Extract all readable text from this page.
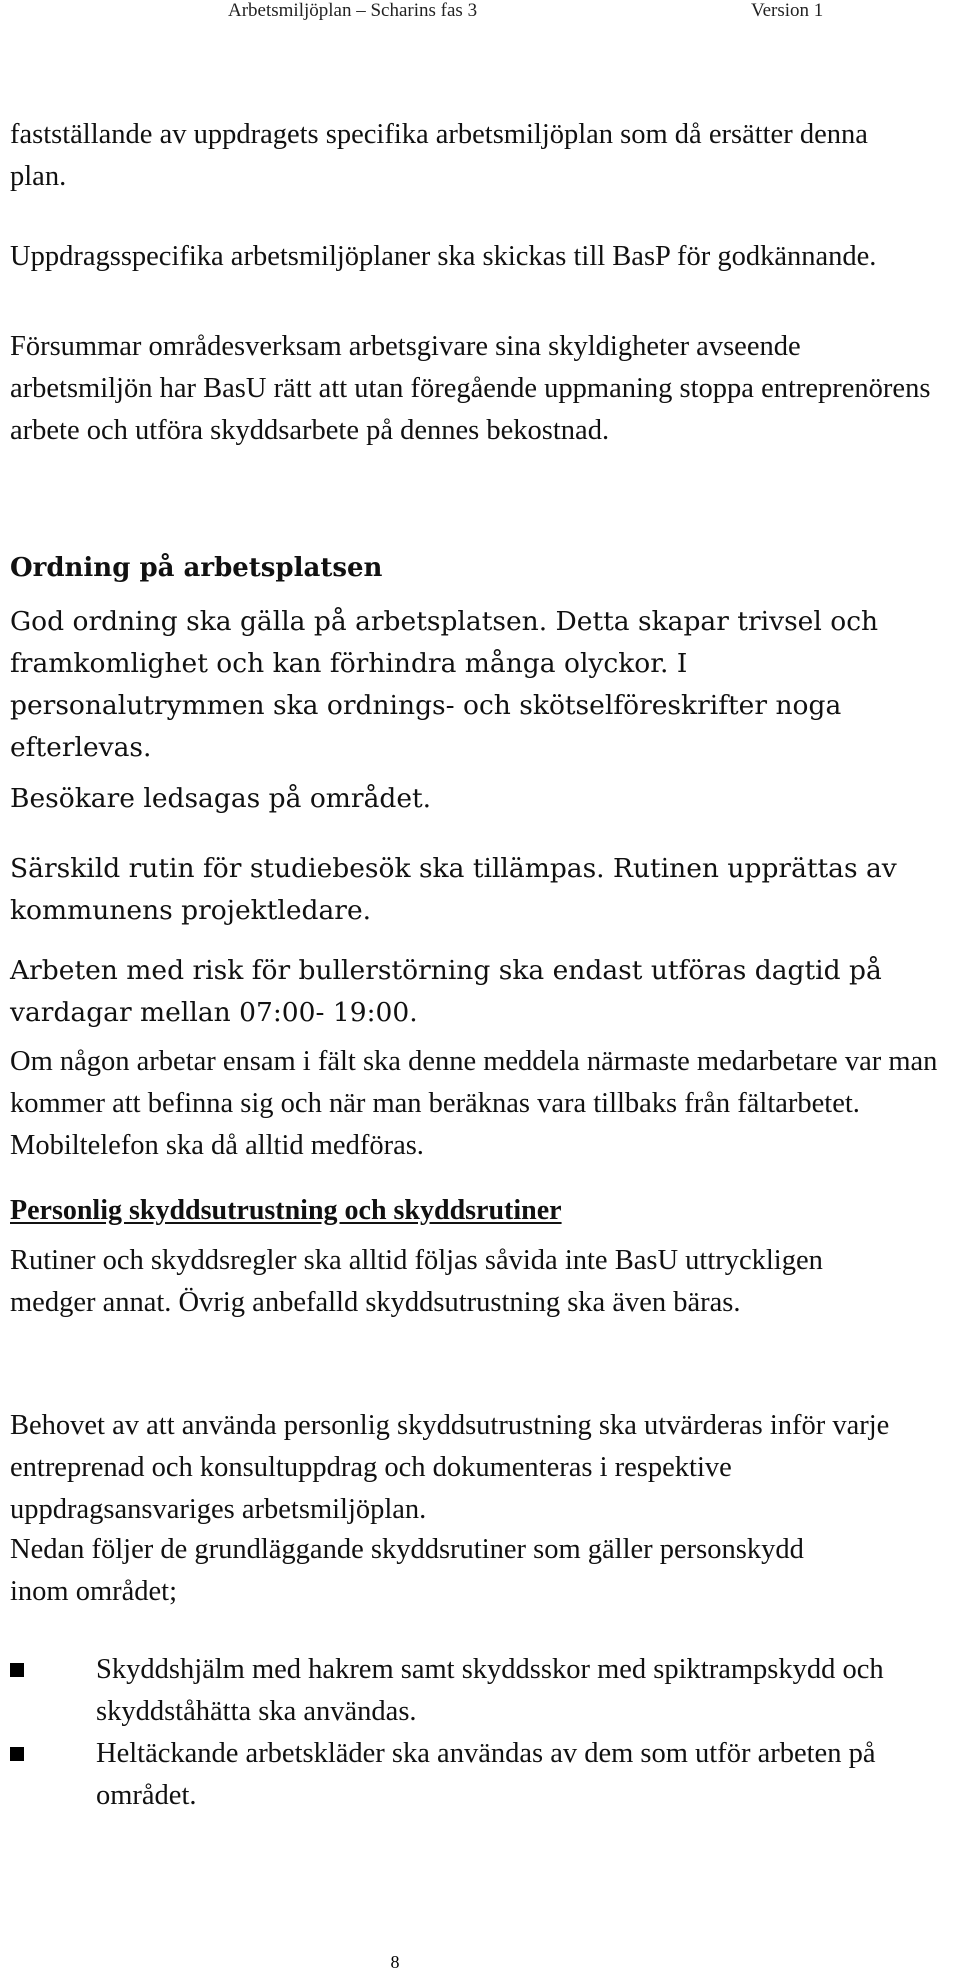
Arbetsmiljöplan – Scharins fas 3	Version 1

fastställande av uppdragets specifika arbetsmiljöplan som då ersätter denna plan.

Uppdragsspecifika arbetsmiljöplaner ska skickas till BasP för godkännande.

Försummar områdesverksam arbetsgivare sina skyldigheter avseende arbetsmiljön har BasU rätt att utan föregående uppmaning stoppa entreprenörens arbete och utföra skyddsarbete på dennes bekostnad.

Ordning på arbetsplatsen

God ordning ska gälla på arbetsplatsen. Detta skapar trivsel och framkomlighet och kan förhindra många olyckor. I personalutrymmen ska ordnings- och skötselföreskrifter noga efterlevas.

Besökare ledsagas på området.

Särskild rutin för studiebesök ska tillämpas. Rutinen upprättas av kommunens projektledare.

Arbeten med risk för bullerstörning ska endast utföras dagtid på vardagar mellan 07:00- 19:00.

Om någon arbetar ensam i fält ska denne meddela närmaste medarbetare var man kommer att befinna sig och när man beräknas vara tillbaks från fältarbetet. Mobiltelefon ska då alltid medföras.

Personlig skyddsutrustning och skyddsrutiner

Rutiner och skyddsregler ska alltid följas såvida inte BasU uttryckligen medger annat. Övrig anbefalld skyddsutrustning ska även bäras.

Behovet av att använda personlig skyddsutrustning ska utvärderas inför varje entreprenad och konsultuppdrag och dokumenteras i respektive uppdragsansvariges arbetsmiljöplan.

Nedan följer de grundläggande skyddsrutiner som gäller personskydd inom området;

Skyddshjälm med hakrem samt skyddsskor med spiktrampskydd och skyddståhätta ska användas.
Heltäckande arbetskläder ska användas av dem som utför arbeten på området.
8
